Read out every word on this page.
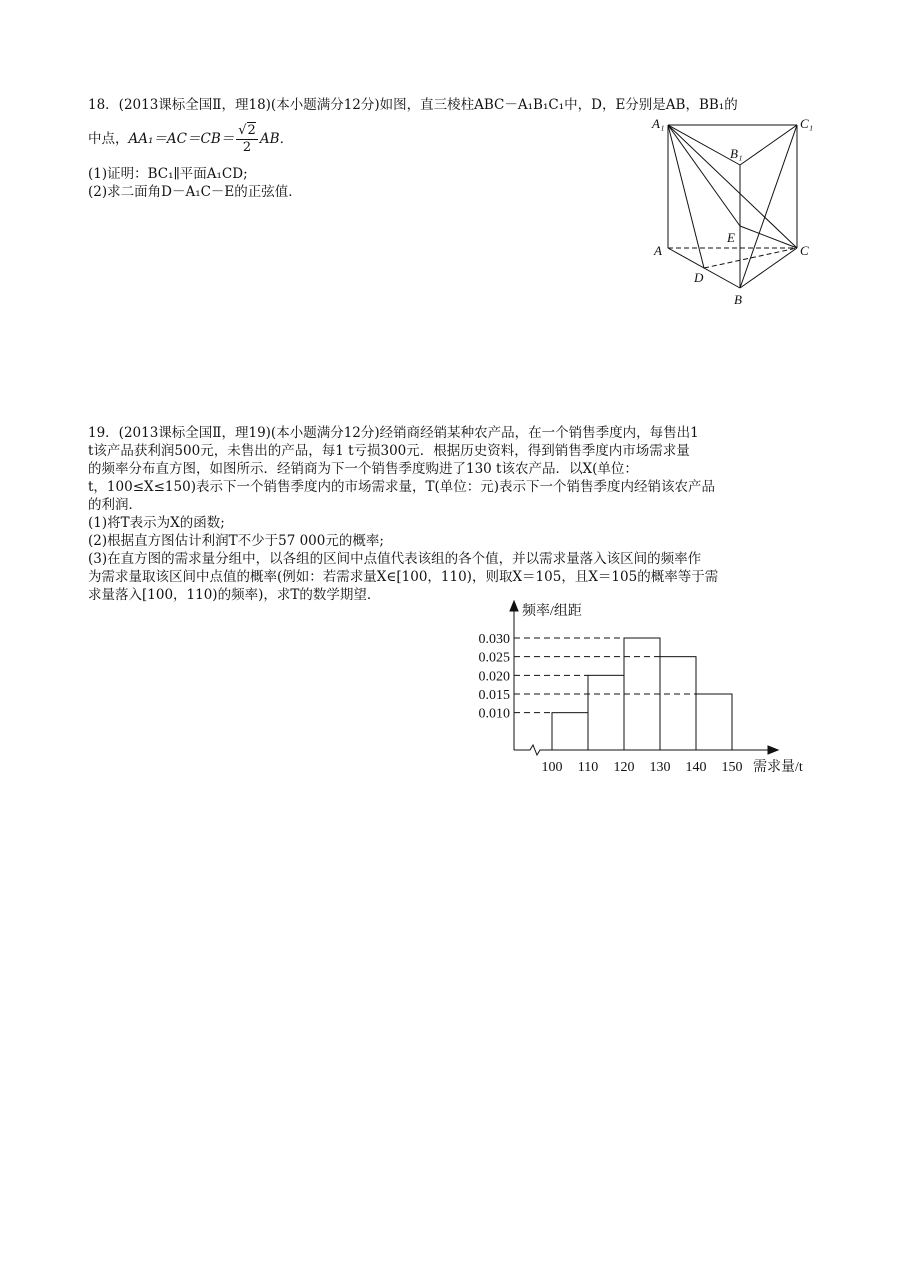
18．(2013课标全国Ⅱ，理18)(本小题满分12分)如图，直三棱柱ABC－A₁B₁C₁中，D，E分别是AB，BB₁的
中点，$AA_1=AC=CB= \frac{√2}{2}$ AB．
(1)证明：BC₁∥平面A₁CD;
(2)求二面角D－A₁C－E的正弦值．
A₁	C₁
B₁
A	C
E
D
B
19．(2013课标全国Ⅱ，理19)(本小题满分12分)经销商经销某种农产品，在一个销售季度内，每售出1
t该产品获利润500元，未售出的产品，每1 t亏损300元．根据历史资料，得到销售季度内市场需求量
的频率分布直方图，如图所示．经销商为下一个销售季度购进了130 t该农产品．以X(单位：
t，100≤X≤150)表示下一个销售季度内的市场需求量，T(单位：元)表示下一个销售季度内经销该农产品
的利润．
(1)将T表示为X的函数;
(2)根据直方图估计利润T不少于57 000元的概率;
(3)在直方图的需求量分组中，以各组的区间中点值代表该组的各个值，并以需求量落入该区间的频率作
为需求量取该区间中点值的概率(例如：若需求量X∈[100，110)，则取X＝105，且X＝105的概率等于需
求量落入[100，110)的频率)，求T的数学期望．
频率/组距
需求量/t
0.030
0.025
0.020
0.015
0.010
100 110 120 130 140 150
